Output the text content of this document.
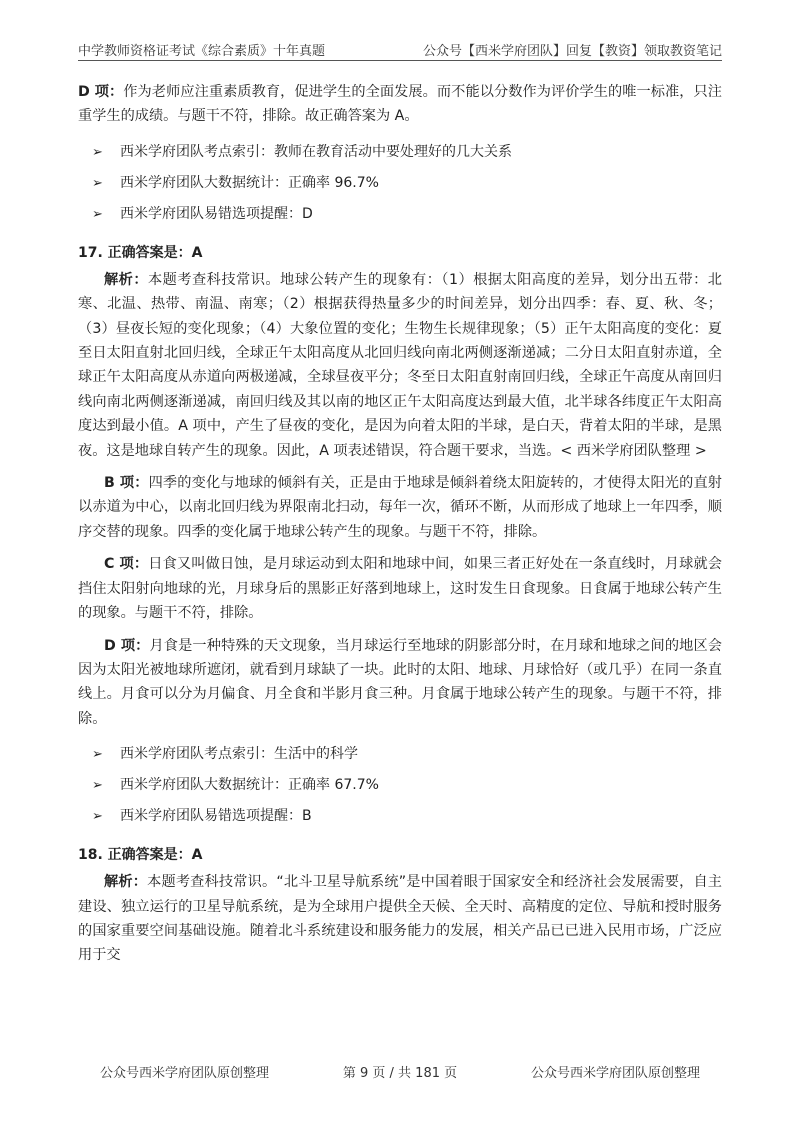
中学教师资格证考试《综合素质》十年真题	公众号【西米学府团队】回复【教资】领取教资笔记

D 项：作为老师应注重素质教育，促进学生的全面发展。而不能以分数作为评价学生的唯一标准，只注重学生的成绩。与题干不符，排除。故正确答案为 A。

➢ 西米学府团队考点索引：教师在教育活动中要处理好的几大关系
➢ 西米学府团队大数据统计：正确率 96.7%
➢ 西米学府团队易错选项提醒：D
17. 正确答案是：A

解析：本题考查科技常识。地球公转产生的现象有：（1）根据太阳高度的差异，划分出五带：北寒、北温、热带、南温、南寒；（2）根据获得热量多少的时间差异，划分出四季：春、夏、秋、冬；（3）昼夜长短的变化现象；（4）大象位置的变化；生物生长规律现象；（5）正午太阳高度的变化：夏至日太阳直射北回归线，全球正午太阳高度从北回归线向南北两侧逐渐递减；二分日太阳直射赤道，全球正午太阳高度从赤道向两极递减，全球昼夜平分；冬至日太阳直射南回归线，全球正午高度从南回归线向南北两侧逐渐递减，南回归线及其以南的地区正午太阳高度达到最大值，北半球各纬度正午太阳高度达到最小值。A 项中，产生了昼夜的变化，是因为向着太阳的半球，是白天，背着太阳的半球，是黑夜。这是地球自转产生的现象。因此，A 项表述错误，符合题干要求，当选。< 西米学府团队整理 >

B 项：四季的变化与地球的倾斜有关，正是由于地球是倾斜着绕太阳旋转的，才使得太阳光的直射以赤道为中心，以南北回归线为界限南北扫动，每年一次，循环不断，从而形成了地球上一年四季，顺序交替的现象。四季的变化属于地球公转产生的现象。与题干不符，排除。

C 项：日食又叫做日蚀，是月球运动到太阳和地球中间，如果三者正好处在一条直线时，月球就会挡住太阳射向地球的光，月球身后的黑影正好落到地球上，这时发生日食现象。日食属于地球公转产生的现象。与题干不符，排除。

D 项：月食是一种特殊的天文现象，当月球运行至地球的阴影部分时，在月球和地球之间的地区会因为太阳光被地球所遮闭，就看到月球缺了一块。此时的太阳、地球、月球恰好（或几乎）在同一条直线上。月食可以分为月偏食、月全食和半影月食三种。月食属于地球公转产生的现象。与题干不符，排除。

➢ 西米学府团队考点索引：生活中的科学
➢ 西米学府团队大数据统计：正确率 67.7%
➢ 西米学府团队易错选项提醒：B
18. 正确答案是：A

解析：本题考查科技常识。“北斗卫星导航系统”是中国着眼于国家安全和经济社会发展需要，自主建设、独立运行的卫星导航系统，是为全球用户提供全天候、全天时、高精度的定位、导航和授时服务的国家重要空间基础设施。随着北斗系统建设和服务能力的发展，相关产品已已进入民用市场，广泛应用于交

公众号西米学府团队原创整理	第 9 页 / 共 181 页	公众号西米学府团队原创整理
